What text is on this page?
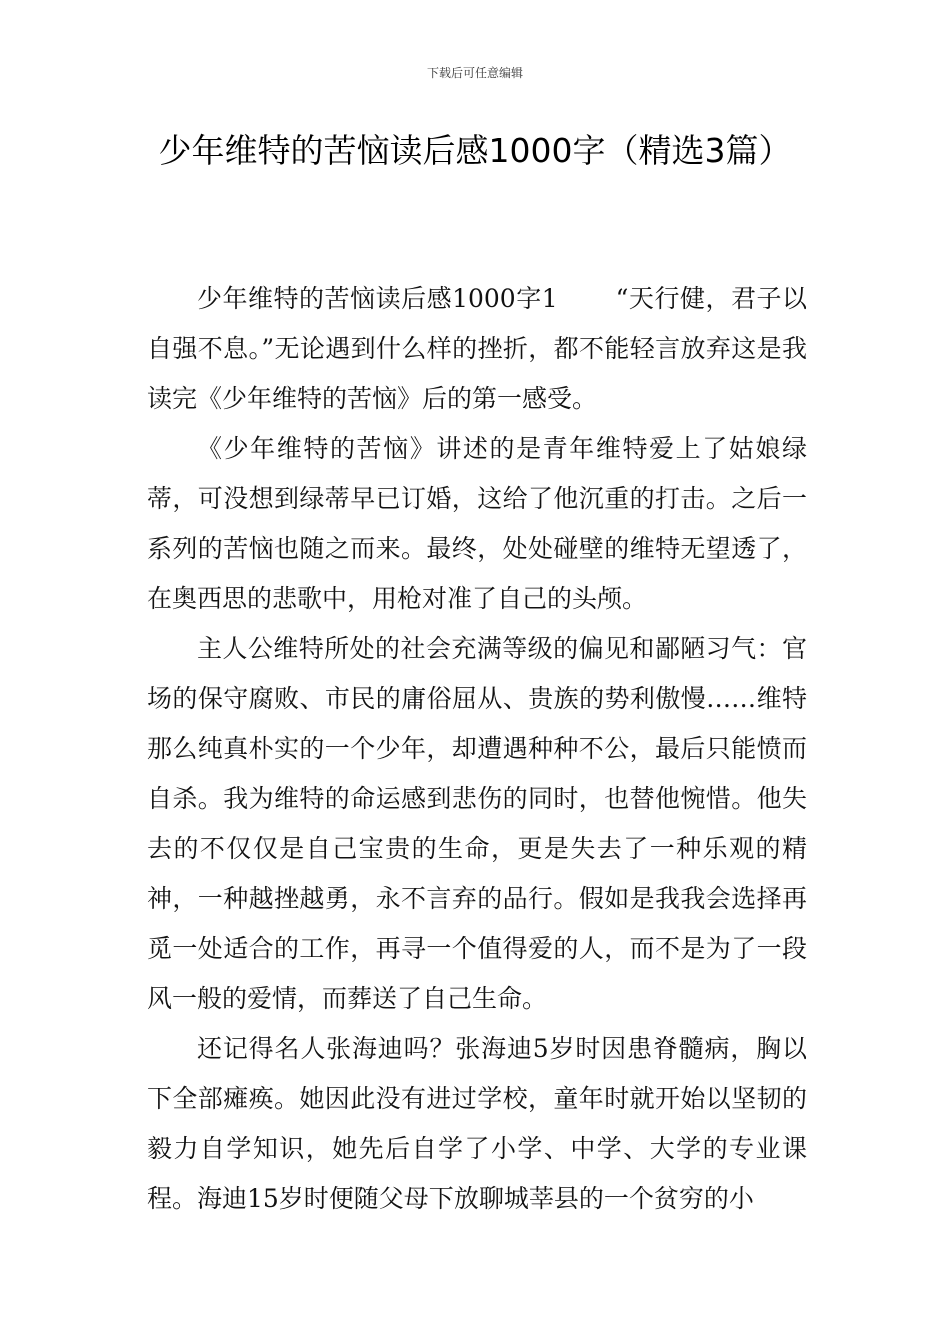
下载后可任意编辑
少年维特的苦恼读后感1000字（精选3篇）

少年维特的苦恼读后感1000字1 “天行健，君子以自强不息。”无论遇到什么样的挫折，都不能轻言放弃这是我读完《少年维特的苦恼》后的第一感受。

《少年维特的苦恼》讲述的是青年维特爱上了姑娘绿蒂，可没想到绿蒂早已订婚，这给了他沉重的打击。之后一系列的苦恼也随之而来。最终，处处碰壁的维特无望透了，在奥西思的悲歌中，用枪对准了自己的头颅。

主人公维特所处的社会充满等级的偏见和鄙陋习气：官场的保守腐败、市民的庸俗屈从、贵族的势利傲慢……维特那么纯真朴实的一个少年，却遭遇种种不公，最后只能愤而自杀。我为维特的命运感到悲伤的同时，也替他惋惜。他失去的不仅仅是自己宝贵的生命，更是失去了一种乐观的精神，一种越挫越勇，永不言弃的品行。假如是我我会选择再觅一处适合的工作，再寻一个值得爱的人，而不是为了一段风一般的爱情，而葬送了自己生命。

还记得名人张海迪吗？张海迪5岁时因患脊髓病，胸以下全部瘫痪。她因此没有进过学校，童年时就开始以坚韧的毅力自学知识，她先后自学了小学、中学、大学的专业课程。海迪15岁时便随父母下放聊城莘县的一个贫穷的小
